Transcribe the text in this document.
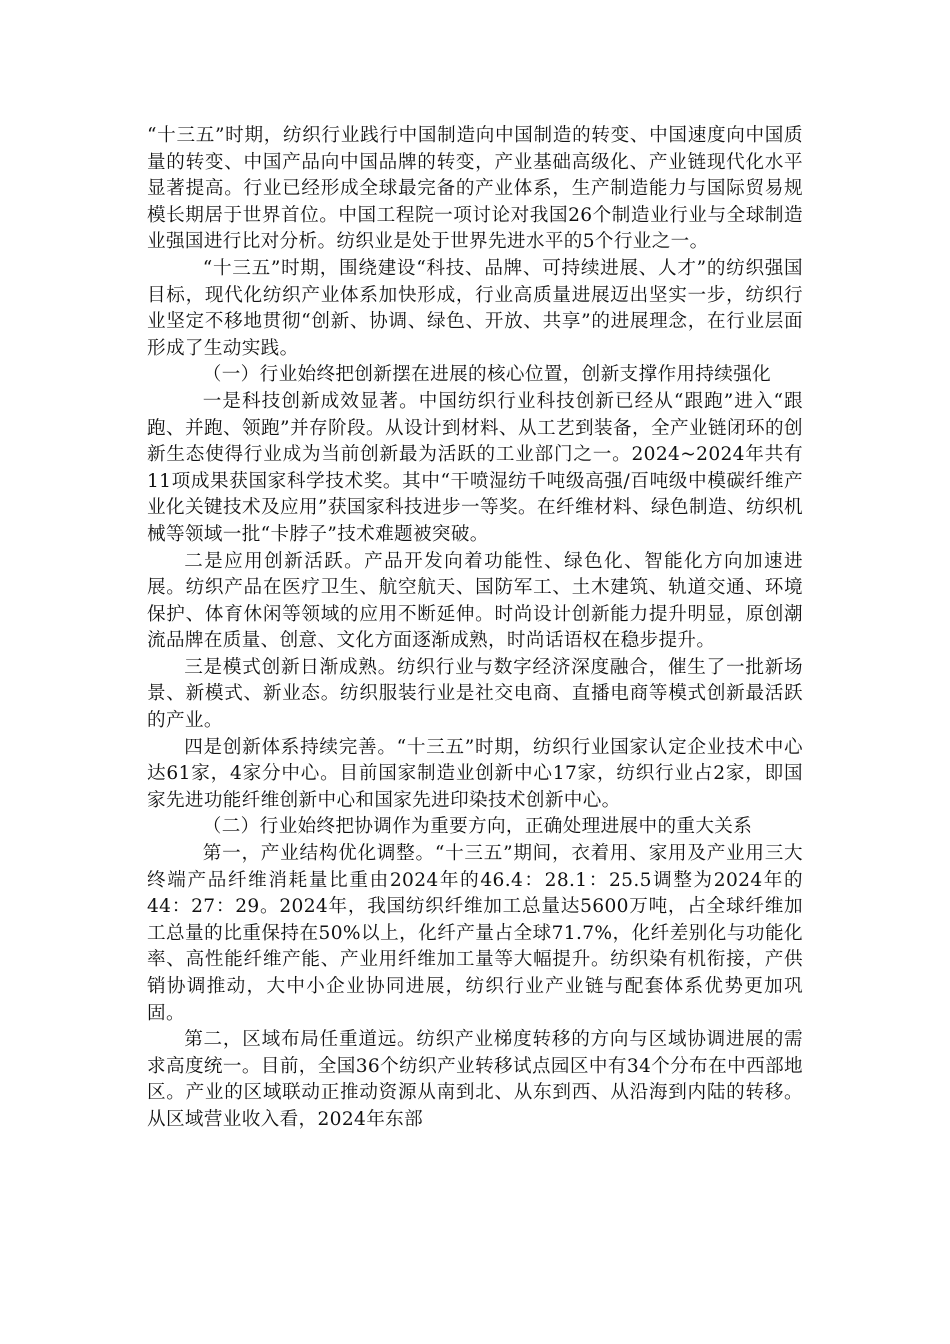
“十三五”时期，纺织行业践行中国制造向中国制造的转变、中国速度向中国质量的转变、中国产品向中国品牌的转变，产业基础高级化、产业链现代化水平显著提高。行业已经形成全球最完备的产业体系，生产制造能力与国际贸易规模长期居于世界首位。中国工程院一项讨论对我国26个制造业行业与全球制造业强国进行比对分析。纺织业是处于世界先进水平的5个行业之一。

“十三五”时期，围绕建设“科技、品牌、可持续进展、人才”的纺织强国目标，现代化纺织产业体系加快形成，行业高质量进展迈出坚实一步，纺织行业坚定不移地贯彻“创新、协调、绿色、开放、共享”的进展理念，在行业层面形成了生动实践。

（一）行业始终把创新摆在进展的核心位置，创新支撑作用持续强化

一是科技创新成效显著。中国纺织行业科技创新已经从“跟跑”进入“跟跑、并跑、领跑”并存阶段。从设计到材料、从工艺到装备，全产业链闭环的创新生态使得行业成为当前创新最为活跃的工业部门之一。2024~2024年共有11项成果获国家科学技术奖。其中“干喷湿纺千吨级高强/百吨级中模碳纤维产业化关键技术及应用”获国家科技进步一等奖。在纤维材料、绿色制造、纺织机械等领域一批“卡脖子”技术难题被突破。

二是应用创新活跃。产品开发向着功能性、绿色化、智能化方向加速进展。纺织产品在医疗卫生、航空航天、国防军工、土木建筑、轨道交通、环境保护、体育休闲等领域的应用不断延伸。时尚设计创新能力提升明显，原创潮流品牌在质量、创意、文化方面逐渐成熟，时尚话语权在稳步提升。

三是模式创新日渐成熟。纺织行业与数字经济深度融合，催生了一批新场景、新模式、新业态。纺织服装行业是社交电商、直播电商等模式创新最活跃的产业。

四是创新体系持续完善。“十三五”时期，纺织行业国家认定企业技术中心达61家，4家分中心。目前国家制造业创新中心17家，纺织行业占2家，即国家先进功能纤维创新中心和国家先进印染技术创新中心。

（二）行业始终把协调作为重要方向，正确处理进展中的重大关系

第一，产业结构优化调整。“十三五”期间，衣着用、家用及产业用三大终端产品纤维消耗量比重由2024年的46.4：28.1：25.5调整为2024年的44：27：29。2024年，我国纺织纤维加工总量达5600万吨，占全球纤维加工总量的比重保持在50%以上，化纤产量占全球71.7%，化纤差别化与功能化率、高性能纤维产能、产业用纤维加工量等大幅提升。纺织染有机衔接，产供销协调推动，大中小企业协同进展，纺织行业产业链与配套体系优势更加巩固。

第二，区域布局任重道远。纺织产业梯度转移的方向与区域协调进展的需求高度统一。目前，全国36个纺织产业转移试点园区中有34个分布在中西部地区。产业的区域联动正推动资源从南到北、从东到西、从沿海到内陆的转移。从区域营业收入看，2024年东部
